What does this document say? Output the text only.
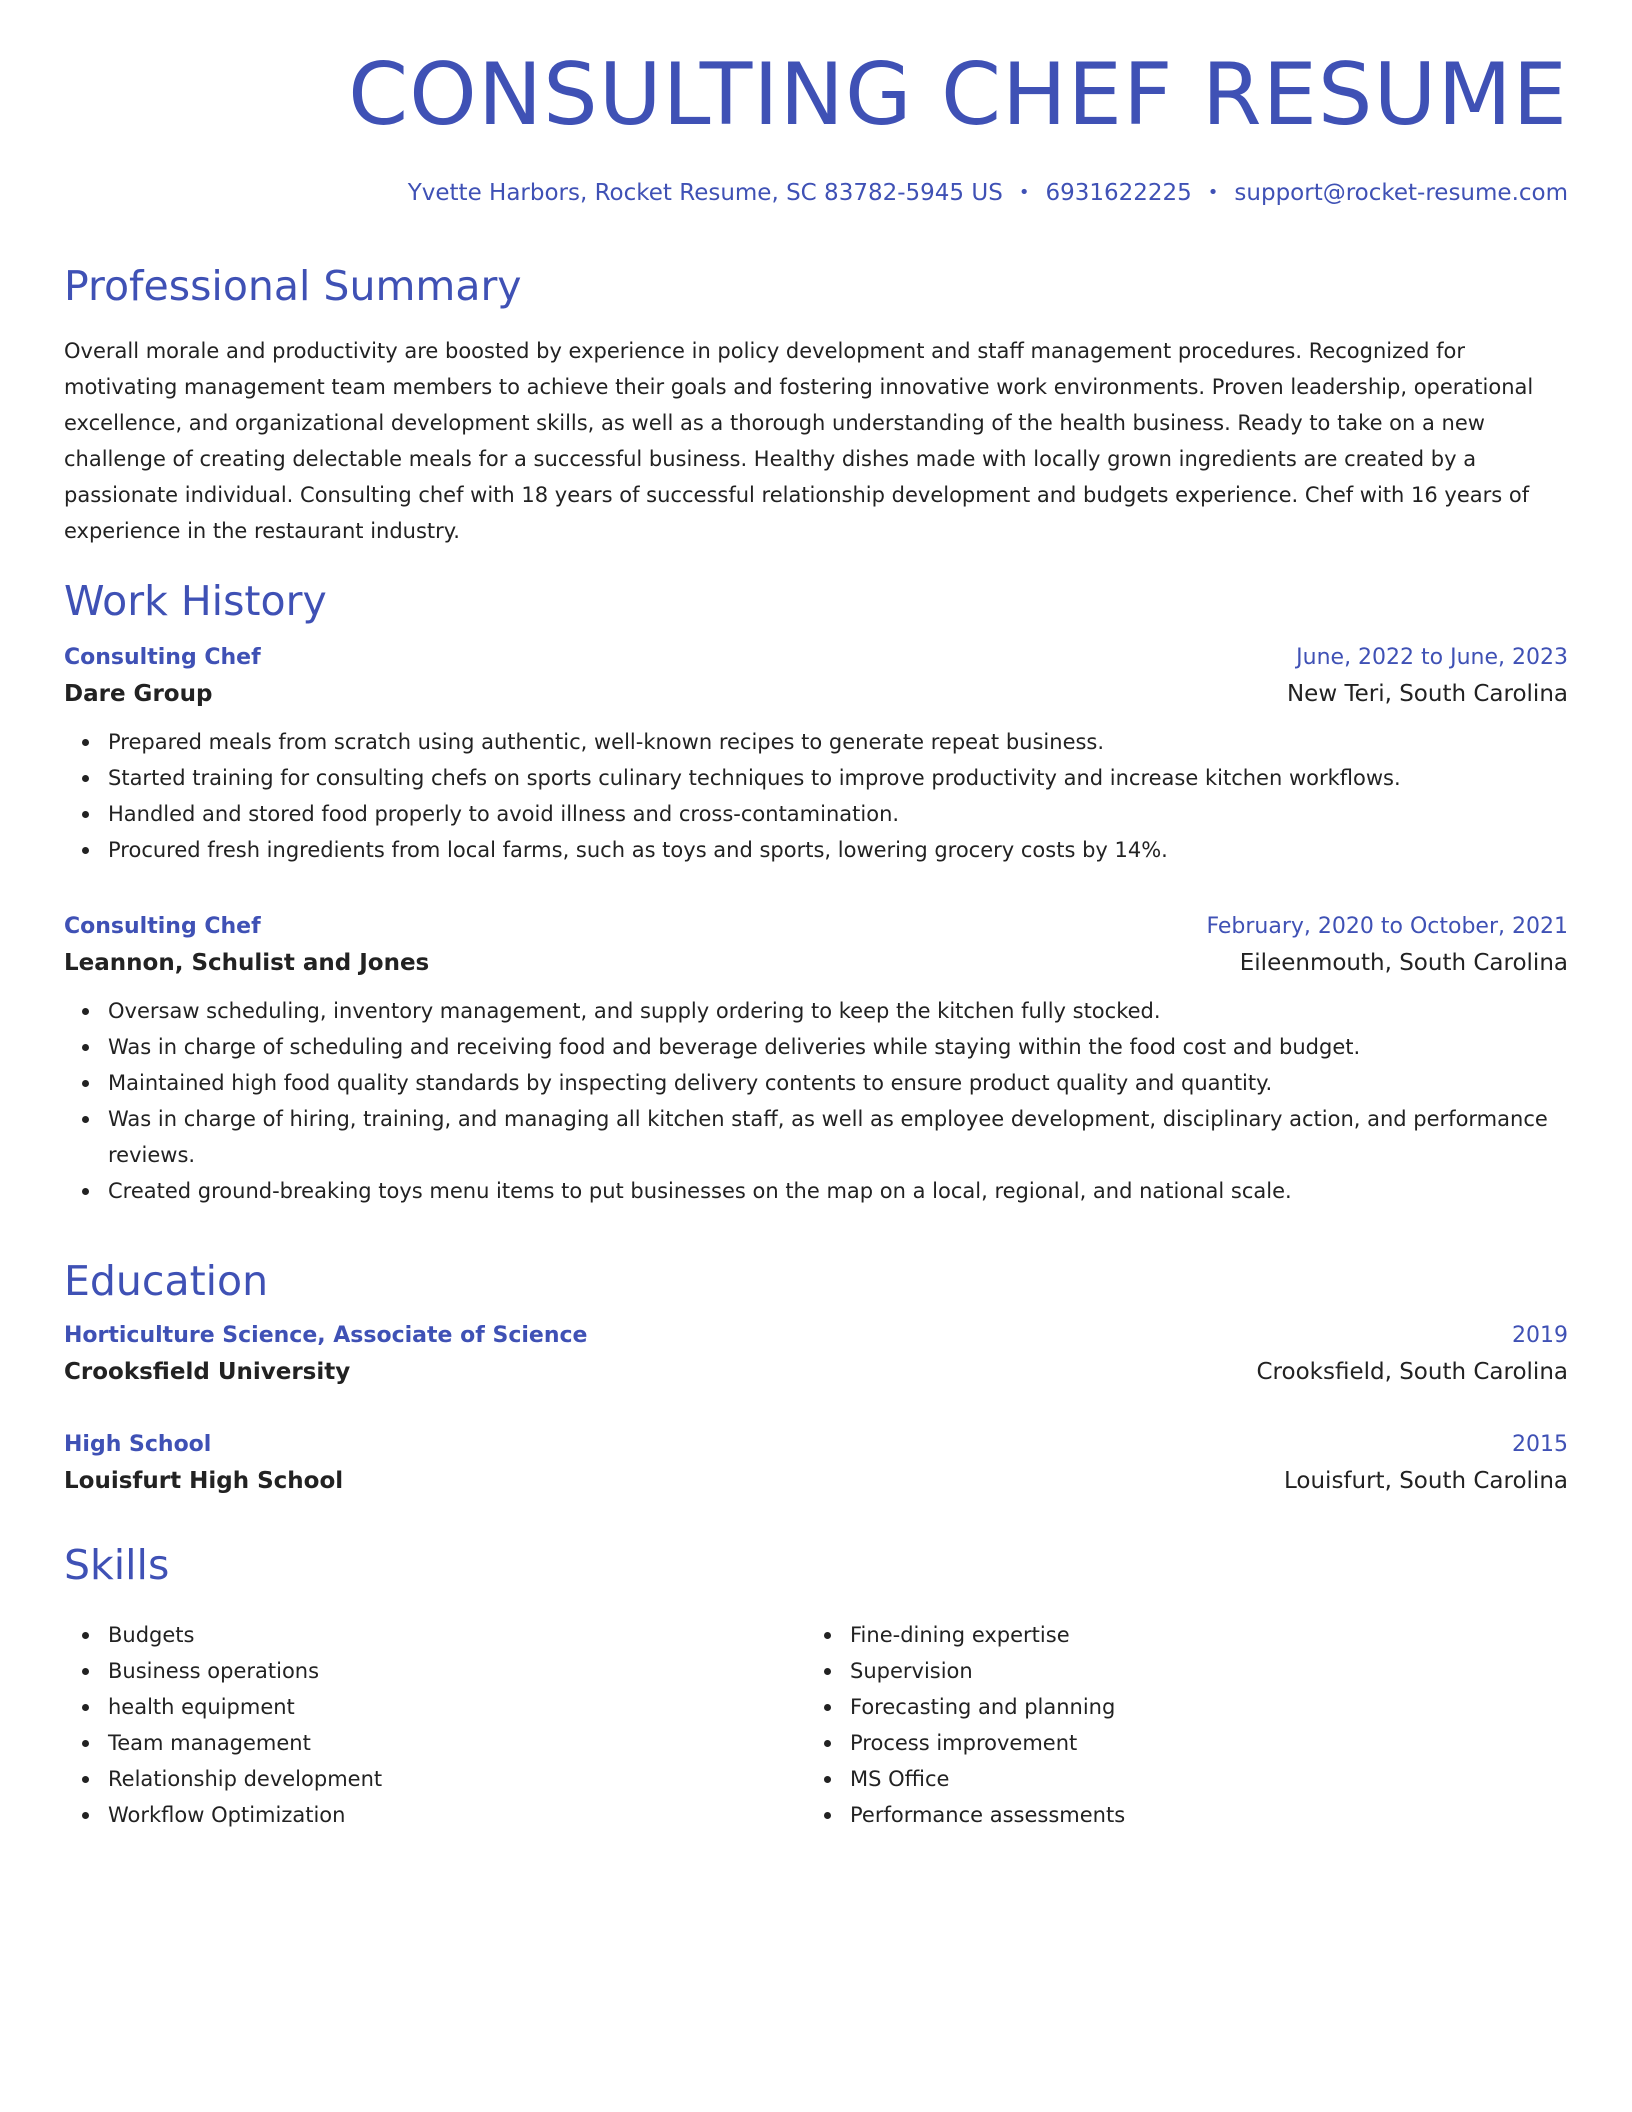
CONSULTING CHEF RESUME
Yvette Harbors, Rocket Resume, SC 83782-5945 US • 6931622225 • support@rocket-resume.com
Professional Summary

Overall morale and productivity are boosted by experience in policy development and staff management procedures. Recognized for motivating management team members to achieve their goals and fostering innovative work environments. Proven leadership, operational excellence, and organizational development skills, as well as a thorough understanding of the health business. Ready to take on a new challenge of creating delectable meals for a successful business. Healthy dishes made with locally grown ingredients are created by a passionate individual. Consulting chef with 18 years of successful relationship development and budgets experience. Chef with 16 years of experience in the restaurant industry.

Work History
Consulting Chef	June, 2022 to June, 2023
Dare Group	New Teri, South Carolina
Prepared meals from scratch using authentic, well-known recipes to generate repeat business.
Started training for consulting chefs on sports culinary techniques to improve productivity and increase kitchen workflows.
Handled and stored food properly to avoid illness and cross-contamination.
Procured fresh ingredients from local farms, such as toys and sports, lowering grocery costs by 14%.
Consulting Chef	February, 2020 to October, 2021
Leannon, Schulist and Jones	Eileenmouth, South Carolina
Oversaw scheduling, inventory management, and supply ordering to keep the kitchen fully stocked.
Was in charge of scheduling and receiving food and beverage deliveries while staying within the food cost and budget.
Maintained high food quality standards by inspecting delivery contents to ensure product quality and quantity.
Was in charge of hiring, training, and managing all kitchen staff, as well as employee development, disciplinary action, and performance reviews.
Created ground-breaking toys menu items to put businesses on the map on a local, regional, and national scale.
Education
Horticulture Science, Associate of Science	2019
Crooksfield University	Crooksfield, South Carolina
High School	2015
Louisfurt High School	Louisfurt, South Carolina
Skills
Budgets
Business operations
health equipment
Team management
Relationship development
Workflow Optimization
Fine-dining expertise
Supervision
Forecasting and planning
Process improvement
MS Office
Performance assessments
